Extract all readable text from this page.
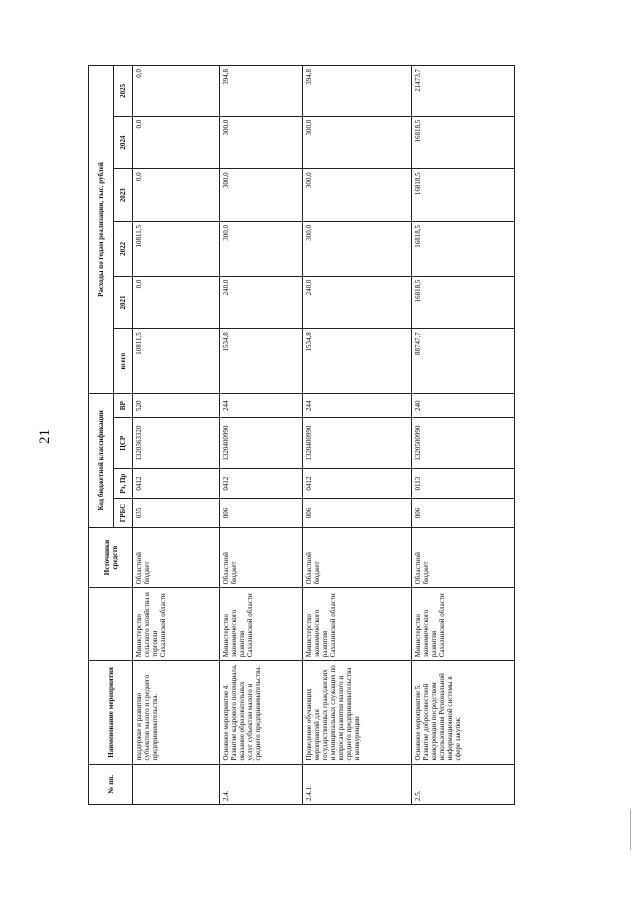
21
№ пп.	Наименование мероприятия		Источники средств	Код бюджетной классификации				Расходы по годам реализации, тыс. рублей					
				ГРБС	Рз, Пр	ЦСР	ВР	всего	2021	2022	2023	2024	2025
	поддержке и развитию субъектов малого и среднего предпринимательства.	Министерство сельского хозяйства и торговли Сахалинской области	Областной бюджет	035	0412	1320363320	520	10811,5	0,0	10811,5	0,0	0,0	0,0
2.4.	Основное мероприятие 4. Развитие кадрового потенциала, оказание образовательных услуг субъектам малого и среднего предпринимательства.	Министерство экономического развития Сахалинской области	Областной бюджет	006	0412	1320400990	244	1534,8	240,0	300,0	300,0	300,0	394,8
2.4.1.	Проведение обучающих мероприятий для государственных гражданских и муниципальных служащих по вопросам развития малого и среднего предпринимательства и конкуренции	Министерство экономического развития Сахалинской области	Областной бюджет	006	0412	1320400990	244	1534,8	240,0	300,0	300,0	300,0	394,8
2.5.	Основное мероприятие 5. Развитие добросовестной конкуренции посредством использования Региональной информационной системы в сфере закупок.	Министерство экономического развития Сахалинской области	Областной бюджет	006	0113	1320500990	240	88747,7	16818,5	16818,5	16818,5	16818,5	21473,7
